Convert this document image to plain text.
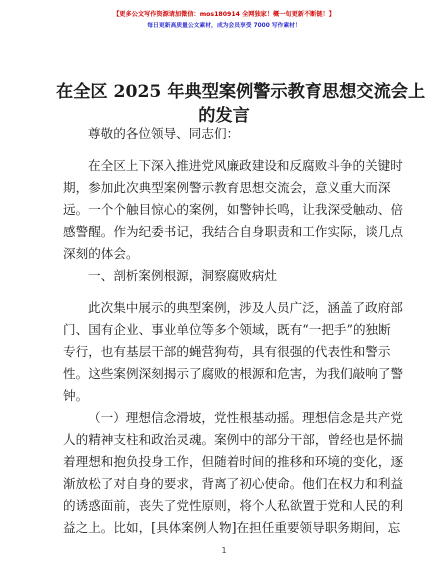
【更多公文写作资源请加微信：mos180914 全网独家！概一旬更新不断链！】
每日更新高质量公文素材，成为会员享受 7000 写作素材！
在全区 2025 年典型案例警示教育思想交流会上
的发言
尊敬的各位领导、同志们：
在全区上下深入推进党风廉政建设和反腐败斗争的关键时
期，参加此次典型案例警示教育思想交流会，意义重大而深
远。一个个触目惊心的案例，如警钟长鸣，让我深受触动、倍
感警醒。作为纪委书记，我结合自身职责和工作实际，谈几点
深刻的体会。
一、剖析案例根源，洞察腐败病灶
此次集中展示的典型案例，涉及人员广泛，涵盖了政府部
门、国有企业、事业单位等多个领域，既有“一把手”的独断
专行，也有基层干部的蝇营狗苟，具有很强的代表性和警示
性。这些案例深刻揭示了腐败的根源和危害，为我们敲响了警
钟。
（一）理想信念滑坡，党性根基动摇。理想信念是共产党
人的精神支柱和政治灵魂。案例中的部分干部，曾经也是怀揣
着理想和抱负投身工作，但随着时间的推移和环境的变化，逐
渐放松了对自身的要求，背离了初心使命。他们在权力和利益
的诱惑面前，丧失了党性原则，将个人私欲置于党和人民的利
益之上。比如，[具体案例人物]在担任重要领导职务期间，忘
1
